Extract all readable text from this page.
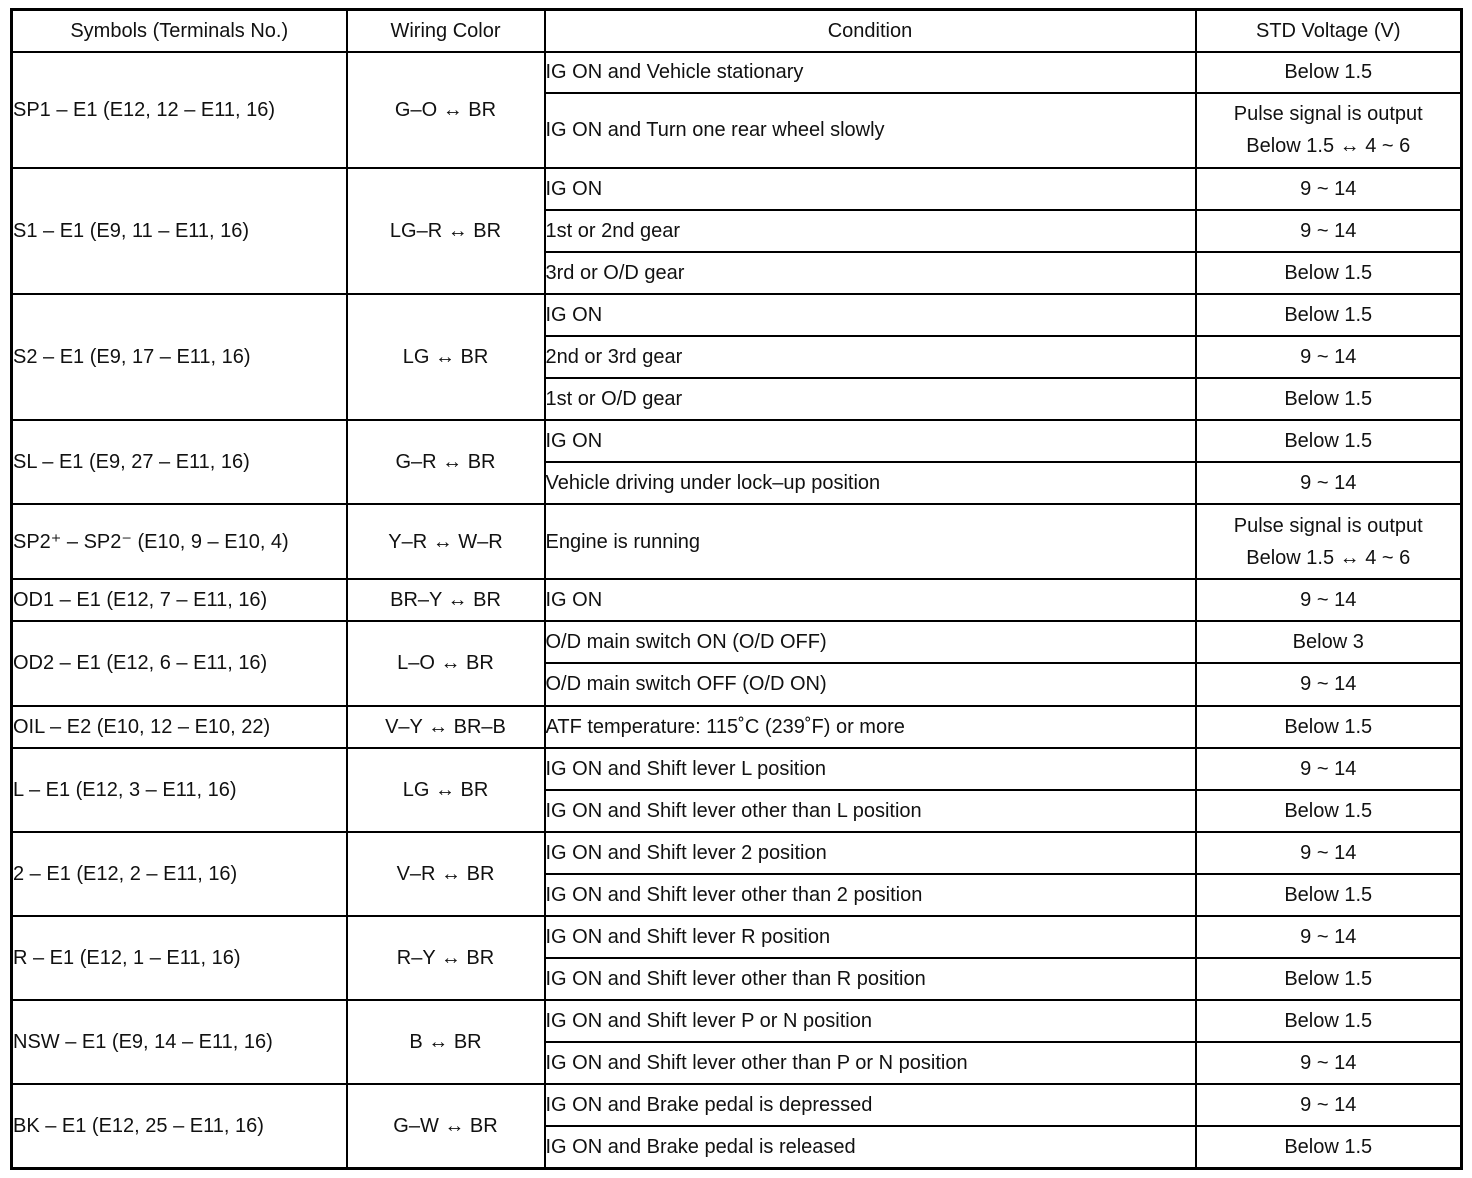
Symbols (Terminals No.)	Wiring Color	Condition	STD Voltage (V)
SP1 – E1 (E12, 12 – E11, 16)	G–O ↔ BR	IG ON and Vehicle stationary	Below 1.5

		IG ON and Turn one rear wheel slowly	Pulse signal is output
Below 1.5 ↔ 4 ~ 6

S1 – E1 (E9, 11 – E11, 16)	LG–R ↔ BR	IG ON	9 ~ 14

		1st or 2nd gear	9 ~ 14

		3rd or O/D gear	Below 1.5

S2 – E1 (E9, 17 – E11, 16)	LG ↔ BR	IG ON	Below 1.5

		2nd or 3rd gear	9 ~ 14

		1st or O/D gear	Below 1.5

SL – E1 (E9, 27 – E11, 16)	G–R ↔ BR	IG ON	Below 1.5

		Vehicle driving under lock–up position	9 ~ 14

SP2⁺ – SP2⁻ (E10, 9 – E10, 4)	Y–R ↔ W–R	Engine is running	Pulse signal is output
Below 1.5 ↔ 4 ~ 6

OD1 – E1 (E12, 7 – E11, 16)	BR–Y ↔ BR	IG ON	9 ~ 14

OD2 – E1 (E12, 6 – E11, 16)	L–O ↔ BR	O/D main switch ON (O/D OFF)	Below 3

		O/D main switch OFF (O/D ON)	9 ~ 14

OIL – E2 (E10, 12 – E10, 22)	V–Y ↔ BR–B	ATF temperature: 115˚C (239˚F) or more	Below 1.5

L – E1 (E12, 3 – E11, 16)	LG ↔ BR	IG ON and Shift lever L position	9 ~ 14

		IG ON and Shift lever other than L position	Below 1.5

2 – E1 (E12, 2 – E11, 16)	V–R ↔ BR	IG ON and Shift lever 2 position	9 ~ 14

		IG ON and Shift lever other than 2 position	Below 1.5

R – E1 (E12, 1 – E11, 16)	R–Y ↔ BR	IG ON and Shift lever R position	9 ~ 14

		IG ON and Shift lever other than R position	Below 1.5

NSW – E1 (E9, 14 – E11, 16)	B ↔ BR	IG ON and Shift lever P or N position	Below 1.5

		IG ON and Shift lever other than P or N position	9 ~ 14

BK – E1 (E12, 25 – E11, 16)	G–W ↔ BR	IG ON and Brake pedal is depressed	9 ~ 14

		IG ON and Brake pedal is released	Below 1.5
